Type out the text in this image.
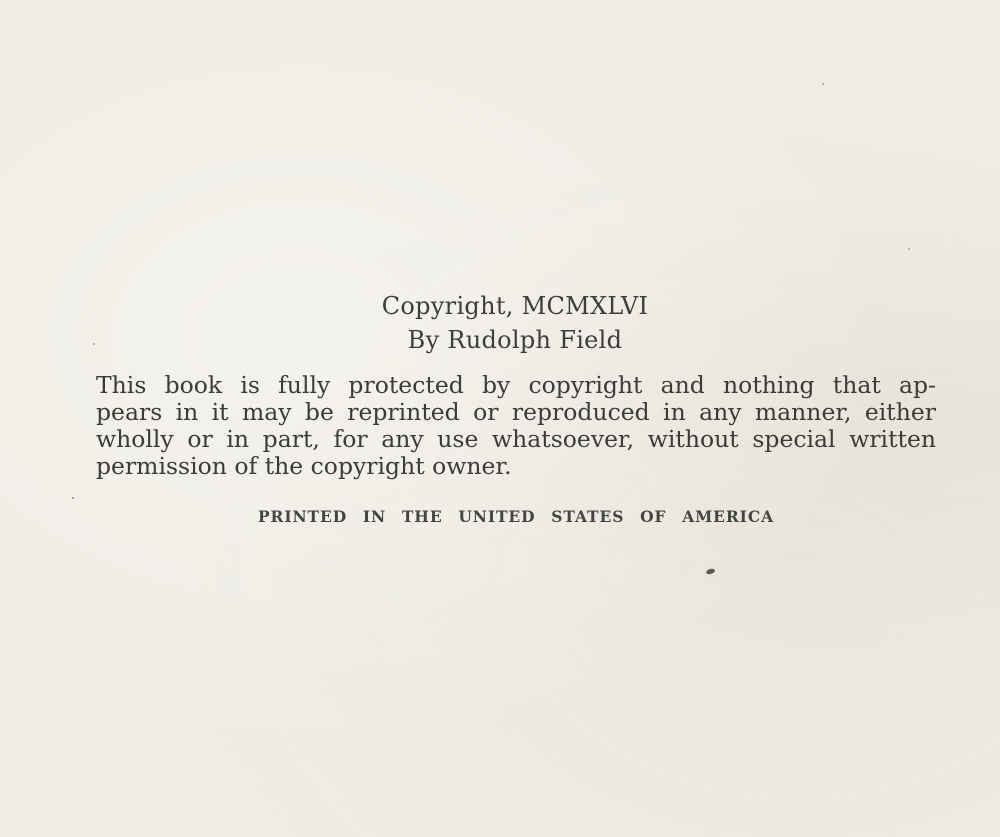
Copyright, MCMXLVI
By Rudolph Field
This book is fully protected by copyright and nothing that ap-
pears in it may be reprinted or reproduced in any manner, either
wholly or in part, for any use whatsoever, without special written
permission of the copyright owner.
PRINTED IN THE UNITED STATES OF AMERICA
